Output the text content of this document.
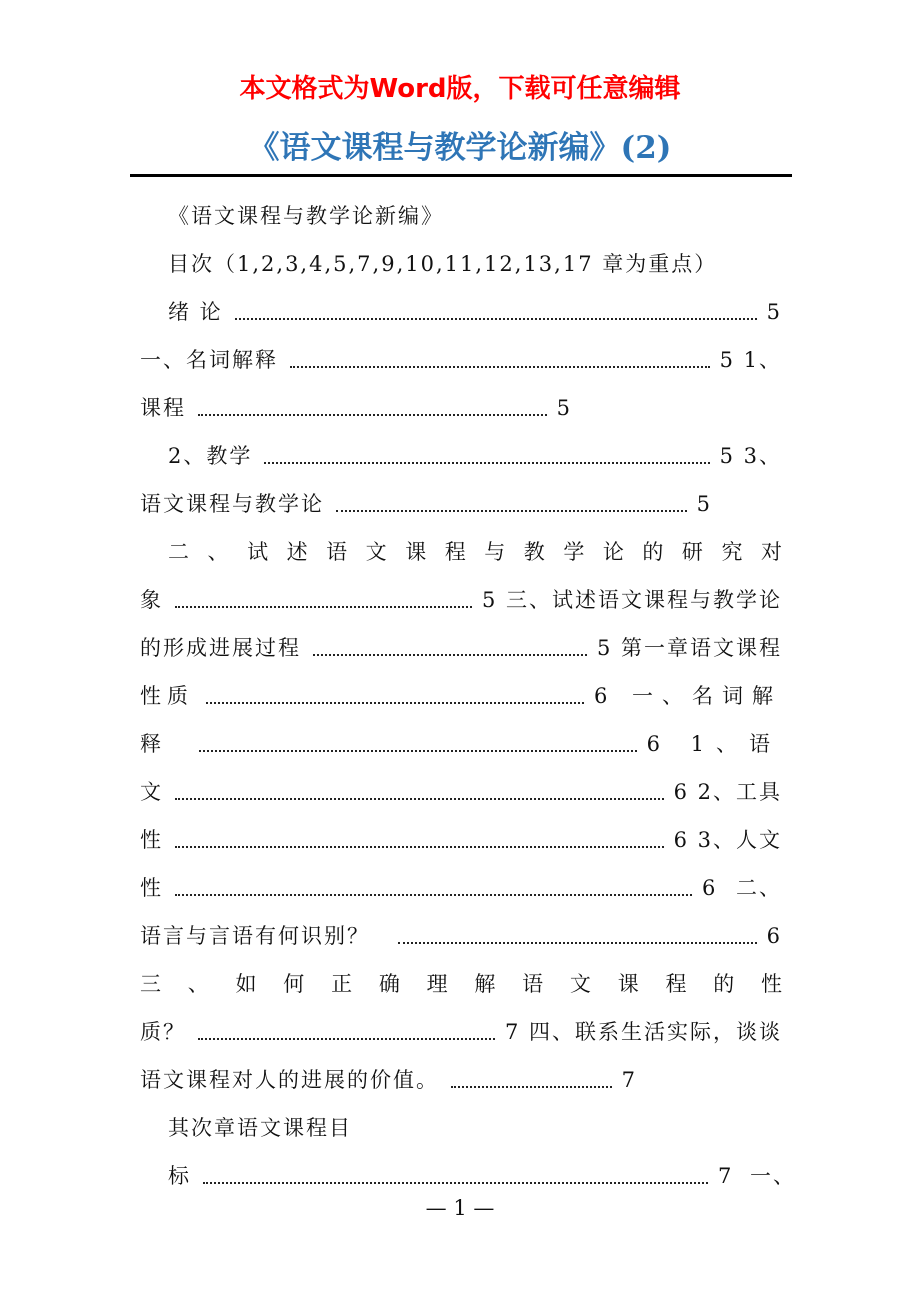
本文格式为Word版，下载可任意编辑
《语文课程与教学论新编》(2)
《语文课程与教学论新编》
目次（1,2,3,4,5,7,9,10,11,12,13,17 章为重点）
绪 论	5
一、名词解释	5 1、
课程	5
2、教学	5 3、
语文课程与教学论	5
二、试述语文课程与教学论的研究对
象	5 三、试述语文课程与教学论
的形成进展过程	5 第一章语文课程
性质	6 一、名词解
释	6 1、语
文	6 2、工具
性	6 3、人文
性	6 二、
语言与言语有何识别？	6
三、如何正确理解语文课程的性
质？	7 四、联系生活实际，谈谈
语文课程对人的进展的价值。	7
其次章语文课程目
标	7 一、
— 1 —
